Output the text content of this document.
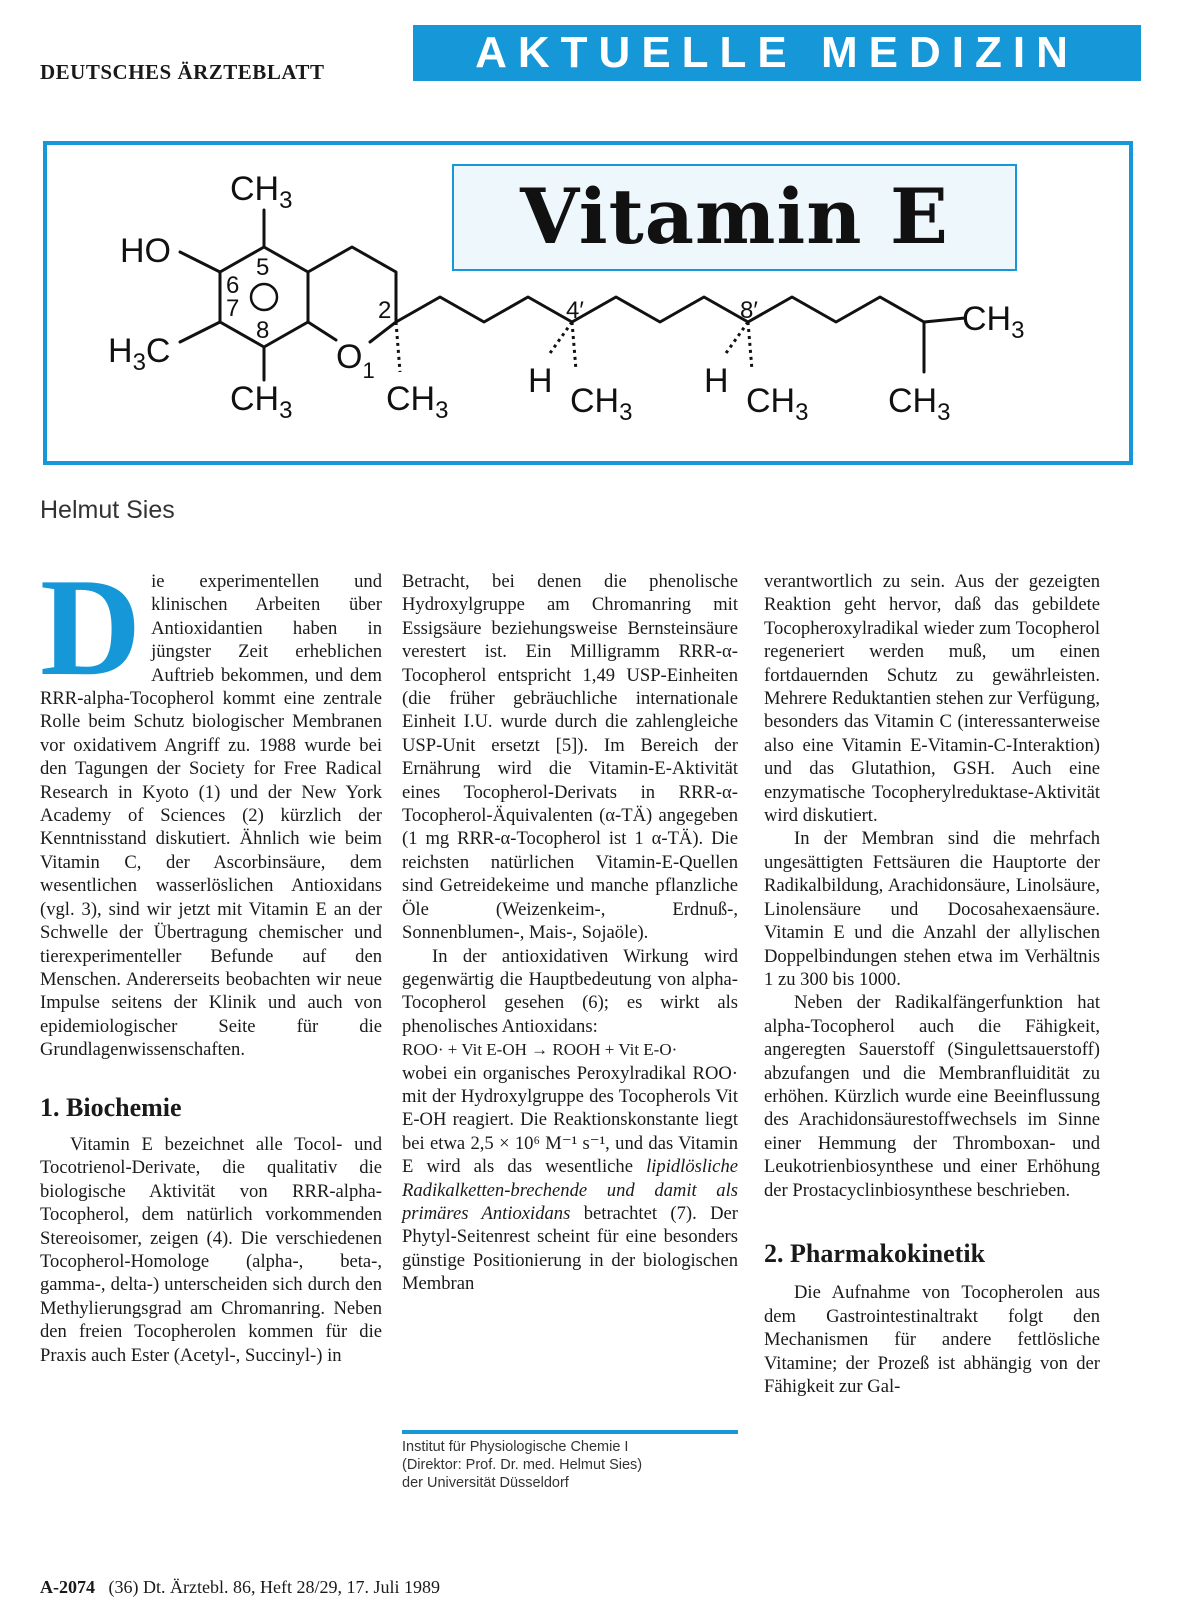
DEUTSCHES ÄRZTEBLATT	AKTUELLE MEDIZIN
Vitamin E
$CH_3$
HO
$H_3C$
$CH_3$	$CH_3$	$CH_3$	$CH_3$ $CH_3$
$CH_3$
$O_1$	H	H
5
6
7
8
2	4′	8′
Helmut Sies

Die experimentellen und klinischen Arbeiten über Antioxidantien haben in jüngster Zeit erheblichen Auftrieb bekommen, und dem RRR-alpha-Tocopherol kommt eine zentrale Rolle beim Schutz biologischer Membranen vor oxidativem Angriff zu. 1988 wurde bei den Tagungen der Society for Free Radical Research in Kyoto (1) und der New York Academy of Sciences (2) kürzlich der Kenntnisstand diskutiert. Ähnlich wie beim Vitamin C, der Ascorbinsäure, dem wesentlichen wasserlöslichen Antioxidans (vgl. 3), sind wir jetzt mit Vitamin E an der Schwelle der Übertragung chemischer und tierexperimenteller Befunde auf den Menschen. Andererseits beobachten wir neue Impulse seitens der Klinik und auch von epidemiologischer Seite für die Grundlagenwissenschaften.

1. Biochemie

Vitamin E bezeichnet alle Tocol- und Tocotrienol-Derivate, die qualitativ die biologische Aktivität von RRR-alpha-Tocopherol, dem natürlich vorkommenden Stereoisomer, zeigen (4). Die verschiedenen Tocopherol-Homologe (alpha-, beta-, gamma-, delta-) unterscheiden sich durch den Methylierungsgrad am Chromanring. Neben den freien Tocopherolen kommen für die Praxis auch Ester (Acetyl-, Succinyl-) in

Betracht, bei denen die phenolische Hydroxylgruppe am Chromanring mit Essigsäure beziehungsweise Bernsteinsäure verestert ist. Ein Milligramm RRR-α-Tocopherol entspricht 1,49 USP-Einheiten (die früher gebräuchliche internationale Einheit I.U. wurde durch die zahlengleiche USP-Unit ersetzt [5]). Im Bereich der Ernährung wird die Vitamin-E-Aktivität eines Tocopherol-Derivats in RRR-α-Tocopherol-Äquivalenten (α-TÄ) angegeben (1 mg RRR-α-Tocopherol ist 1 α-TÄ). Die reichsten natürlichen Vitamin-E-Quellen sind Getreidekeime und manche pflanzliche Öle (Weizenkeim-, Erdnuß-, Sonnenblumen-, Mais-, Sojaöle).

In der antioxidativen Wirkung wird gegenwärtig die Hauptbedeutung von alpha-Tocopherol gesehen (6); es wirkt als phenolisches Antioxidans:

ROO· + Vit E-OH → ROOH + Vit E-O·

wobei ein organisches Peroxylradikal ROO· mit der Hydroxylgruppe des Tocopherols Vit E-OH reagiert. Die Reaktionskonstante liegt bei etwa 2,5 × 10⁶ M⁻¹ s⁻¹, und das Vitamin E wird als das wesentliche lipidlösliche Radikalketten-brechende und damit als primäres Antioxidans betrachtet (7). Der Phytyl-Seitenrest scheint für eine besonders günstige Positionierung in der biologischen Membran

Institut für Physiologische Chemie I
(Direktor: Prof. Dr. med. Helmut Sies)
der Universität Düsseldorf

verantwortlich zu sein. Aus der gezeigten Reaktion geht hervor, daß das gebildete Tocopheroxylradikal wieder zum Tocopherol regeneriert werden muß, um einen fortdauernden Schutz zu gewährleisten. Mehrere Reduktantien stehen zur Verfügung, besonders das Vitamin C (interessanterweise also eine Vitamin E-Vitamin-C-Interaktion) und das Glutathion, GSH. Auch eine enzymatische Tocopherylreduktase-Aktivität wird diskutiert.

In der Membran sind die mehrfach ungesättigten Fettsäuren die Hauptorte der Radikalbildung, Arachidonsäure, Linolsäure, Linolensäure und Docosahexaensäure. Vitamin E und die Anzahl der allylischen Doppelbindungen stehen etwa im Verhältnis 1 zu 300 bis 1000.

Neben der Radikalfängerfunktion hat alpha-Tocopherol auch die Fähigkeit, angeregten Sauerstoff (Singulettsauerstoff) abzufangen und die Membranfluidität zu erhöhen. Kürzlich wurde eine Beeinflussung des Arachidonsäurestoffwechsels im Sinne einer Hemmung der Thromboxan- und Leukotrienbiosynthese und einer Erhöhung der Prostacyclinbiosynthese beschrieben.

2. Pharmakokinetik

Die Aufnahme von Tocopherolen aus dem Gastrointestinaltrakt folgt den Mechanismen für andere fettlösliche Vitamine; der Prozeß ist abhängig von der Fähigkeit zur Gal-

A-2074 (36) Dt. Ärztebl. 86, Heft 28/29, 17. Juli 1989
